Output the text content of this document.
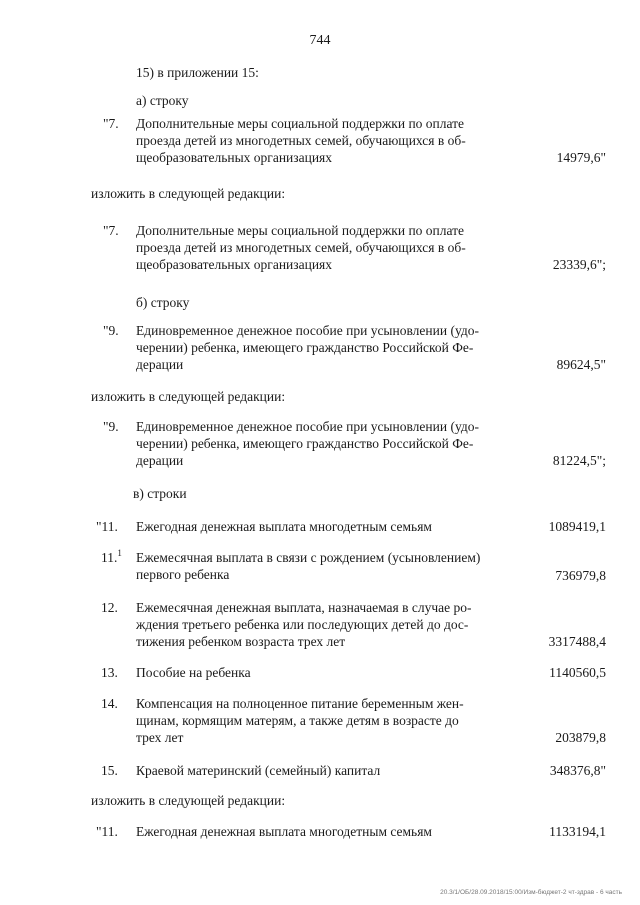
744
15) в приложении 15:
а) строку
"7. Дополнительные меры социальной поддержки по оплате
проезда детей из многодетных семей, обучающихся в об-
щеобразовательных организациях	14979,6"
изложить в следующей редакции:
"7. Дополнительные меры социальной поддержки по оплате
проезда детей из многодетных семей, обучающихся в об-
щеобразовательных организациях	23339,6";
б) строку
"9. Единовременное денежное пособие при усыновлении (удо-
черении) ребенка, имеющего гражданство Российской Фе-
дерации	89624,5"
изложить в следующей редакции:
"9. Единовременное денежное пособие при усыновлении (удо-
черении) ребенка, имеющего гражданство Российской Фе-
дерации	81224,5";
в) строки
"11. Ежегодная денежная выплата многодетным семьям	1089419,1
11.$^1$ Ежемесячная выплата в связи с рождением (усыновлением)
первого ребенка	736979,8
12. Ежемесячная денежная выплата, назначаемая в случае ро-
ждения третьего ребенка или последующих детей до дос-
тижения ребенком возраста трех лет	3317488,4
13. Пособие на ребенка	1140560,5
14. Компенсация на полноценное питание беременным жен-
щинам, кормящим матерям, а также детям в возрасте до
трех лет	203879,8
15. Краевой материнский (семейный) капитал	348376,8"
изложить в следующей редакции:
"11. Ежегодная денежная выплата многодетным семьям	1133194,1
20.3/1/ОБ/28.09.2018/15:00/Изм-бюджет-2 чт-здрав - 6 часть
